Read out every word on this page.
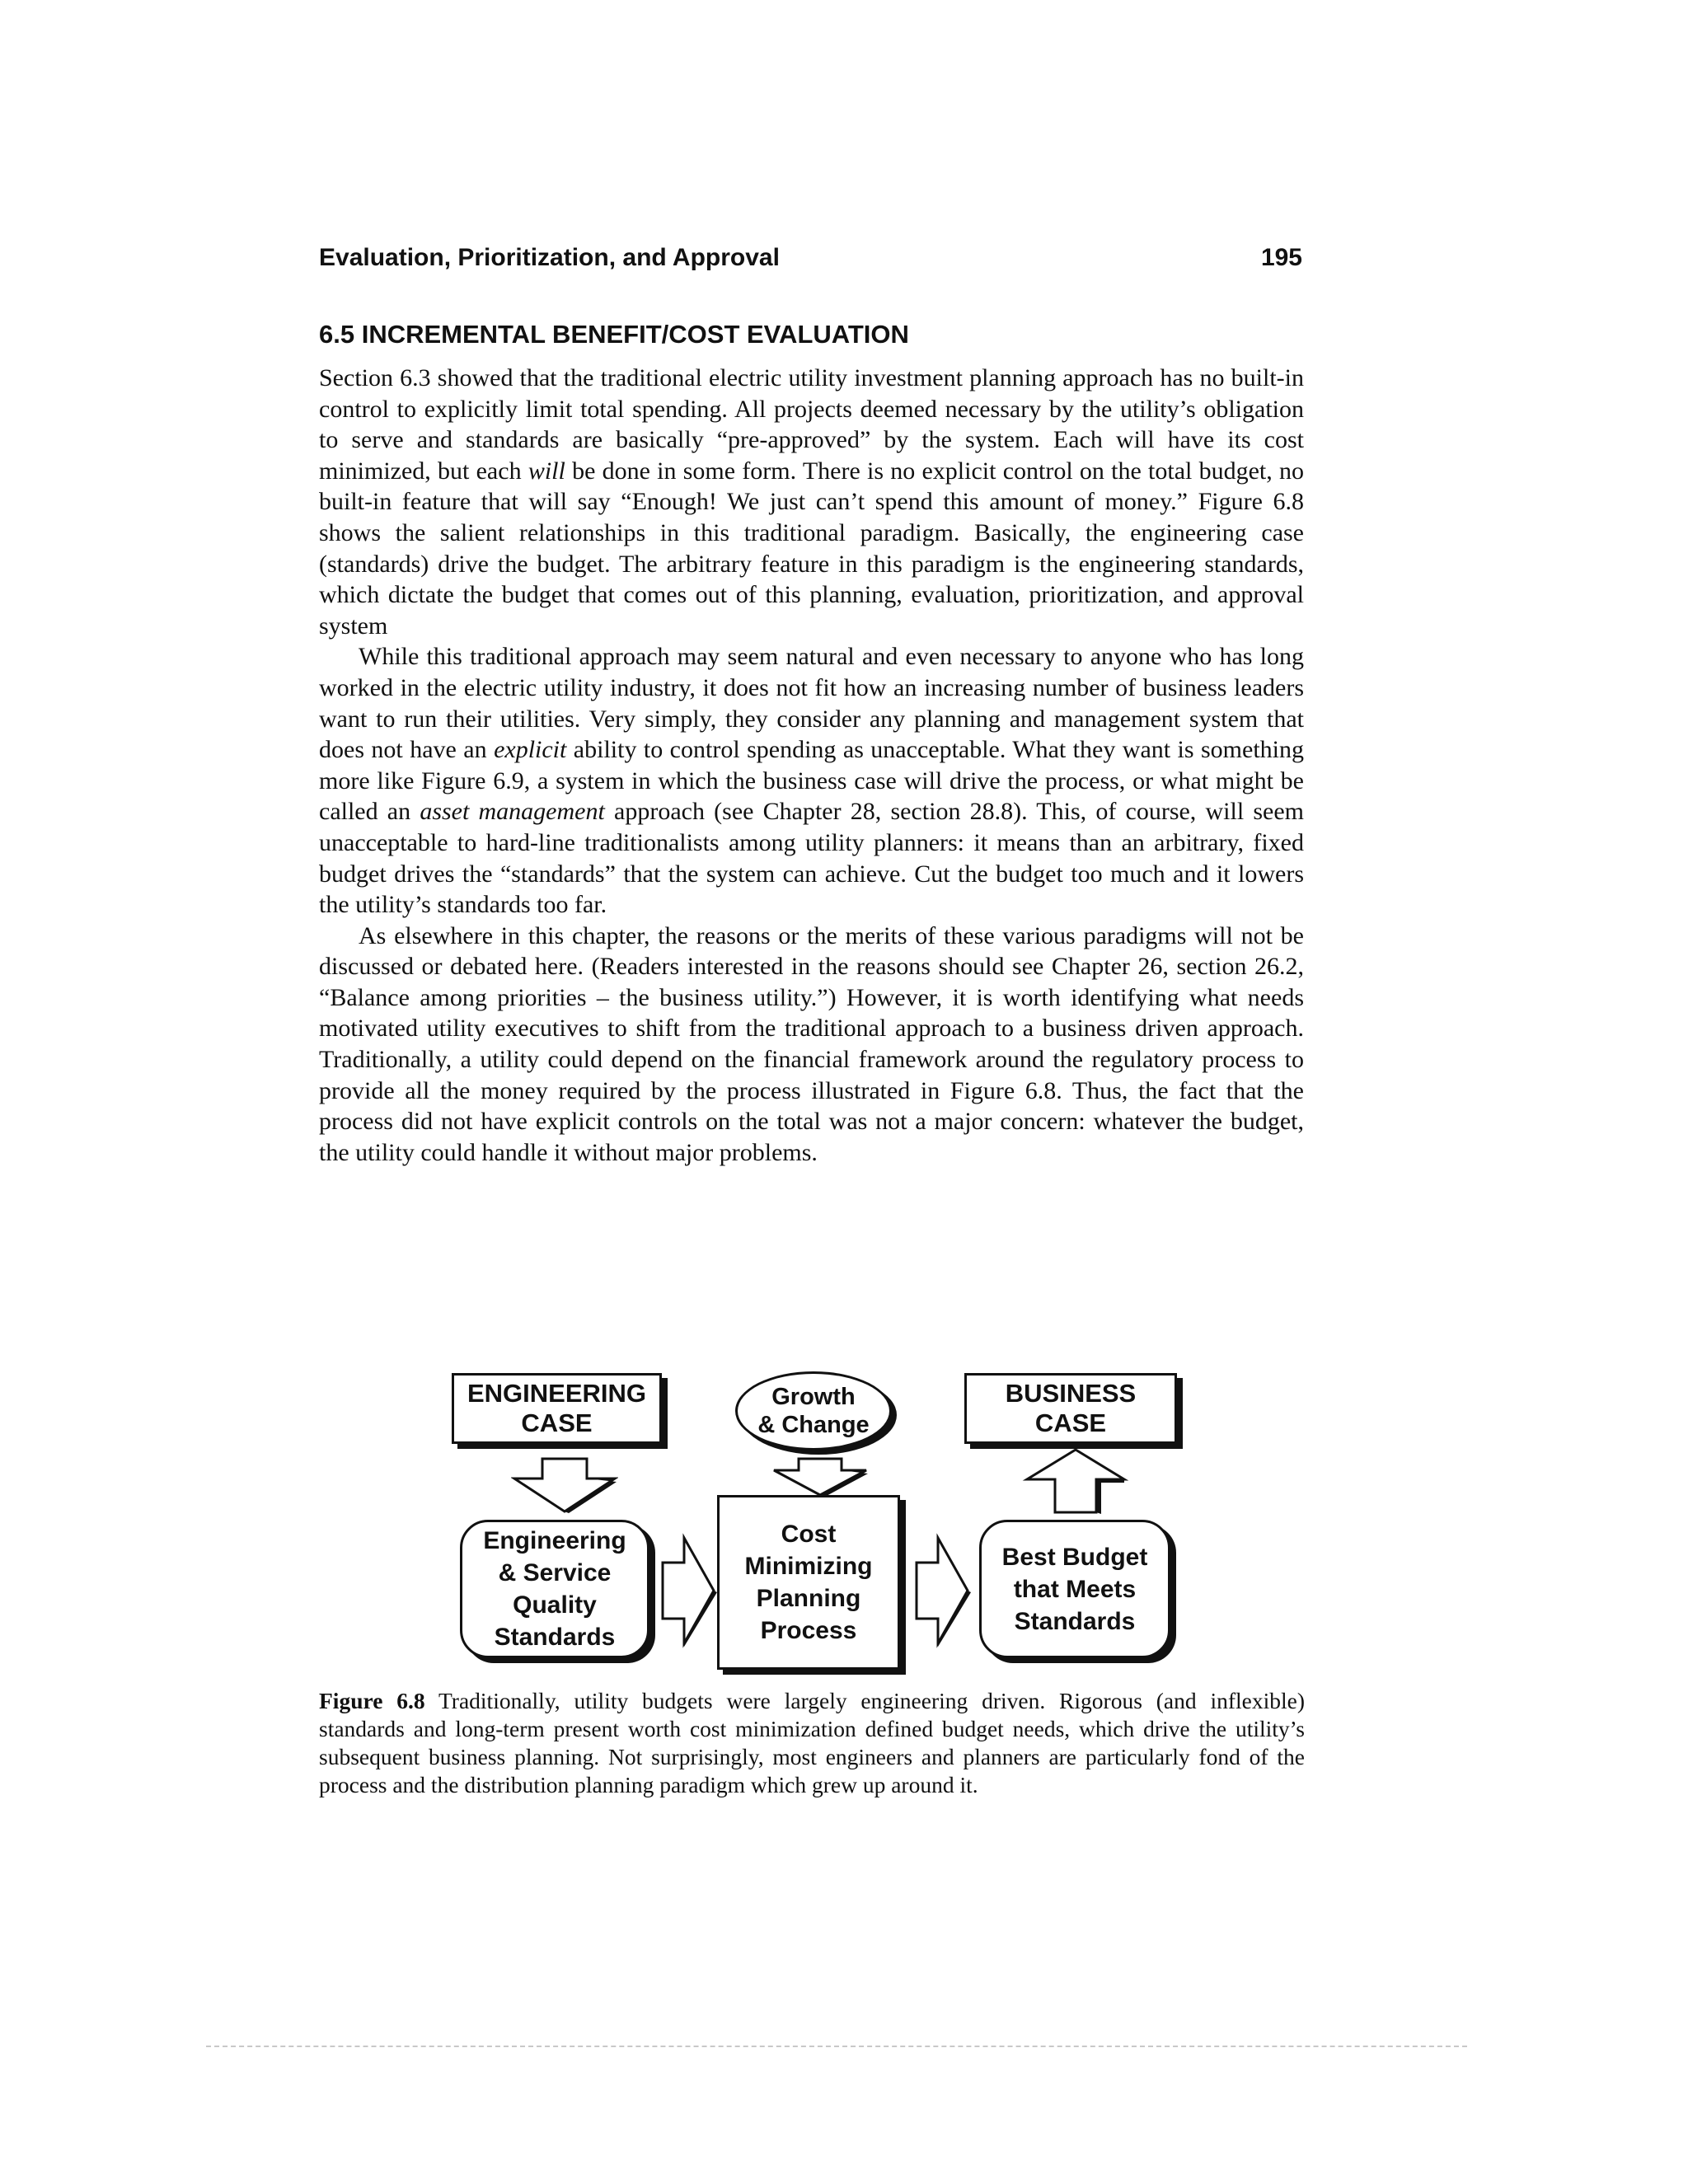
Evaluation, Prioritization, and Approval	195
6.5 INCREMENTAL BENEFIT/COST EVALUATION

Section 6.3 showed that the traditional electric utility investment planning approach has no built-in control to explicitly limit total spending. All projects deemed necessary by the utility’s obligation to serve and standards are basically “pre-approved” by the system. Each will have its cost minimized, but each will be done in some form. There is no explicit control on the total budget, no built-in feature that will say “Enough! We just can’t spend this amount of money.” Figure 6.8 shows the salient relationships in this traditional paradigm. Basically, the engineering case (standards) drive the budget. The arbitrary feature in this paradigm is the engineering standards, which dictate the budget that comes out of this planning, evaluation, prioritization, and approval system

While this traditional approach may seem natural and even necessary to anyone who has long worked in the electric utility industry, it does not fit how an increasing number of business leaders want to run their utilities. Very simply, they consider any planning and management system that does not have an explicit ability to control spending as unacceptable. What they want is something more like Figure 6.9, a system in which the business case will drive the process, or what might be called an asset management approach (see Chapter 28, section 28.8). This, of course, will seem unacceptable to hard-line traditionalists among utility planners: it means than an arbitrary, fixed budget drives the “standards” that the system can achieve. Cut the budget too much and it lowers the utility’s standards too far.

As elsewhere in this chapter, the reasons or the merits of these various paradigms will not be discussed or debated here. (Readers interested in the reasons should see Chapter 26, section 26.2, “Balance among priorities – the business utility.”) However, it is worth identifying what needs motivated utility executives to shift from the traditional approach to a business driven approach. Traditionally, a utility could depend on the financial framework around the regulatory process to provide all the money required by the process illustrated in Figure 6.8. Thus, the fact that the process did not have explicit controls on the total was not a major concern: whatever the budget, the utility could handle it without major problems.

ENGINEERING
CASE
Growth
& Change
BUSINESS
CASE
Engineering
& Service
Quality
Standards
Cost
Minimizing
Planning
Process
Best Budget
that Meets
Standards
Figure 6.8 Traditionally, utility budgets were largely engineering driven. Rigorous (and inflexible) standards and long-term present worth cost minimization defined budget needs, which drive the utility’s subsequent business planning. Not surprisingly, most engineers and planners are particularly fond of the process and the distribution planning paradigm which grew up around it.
